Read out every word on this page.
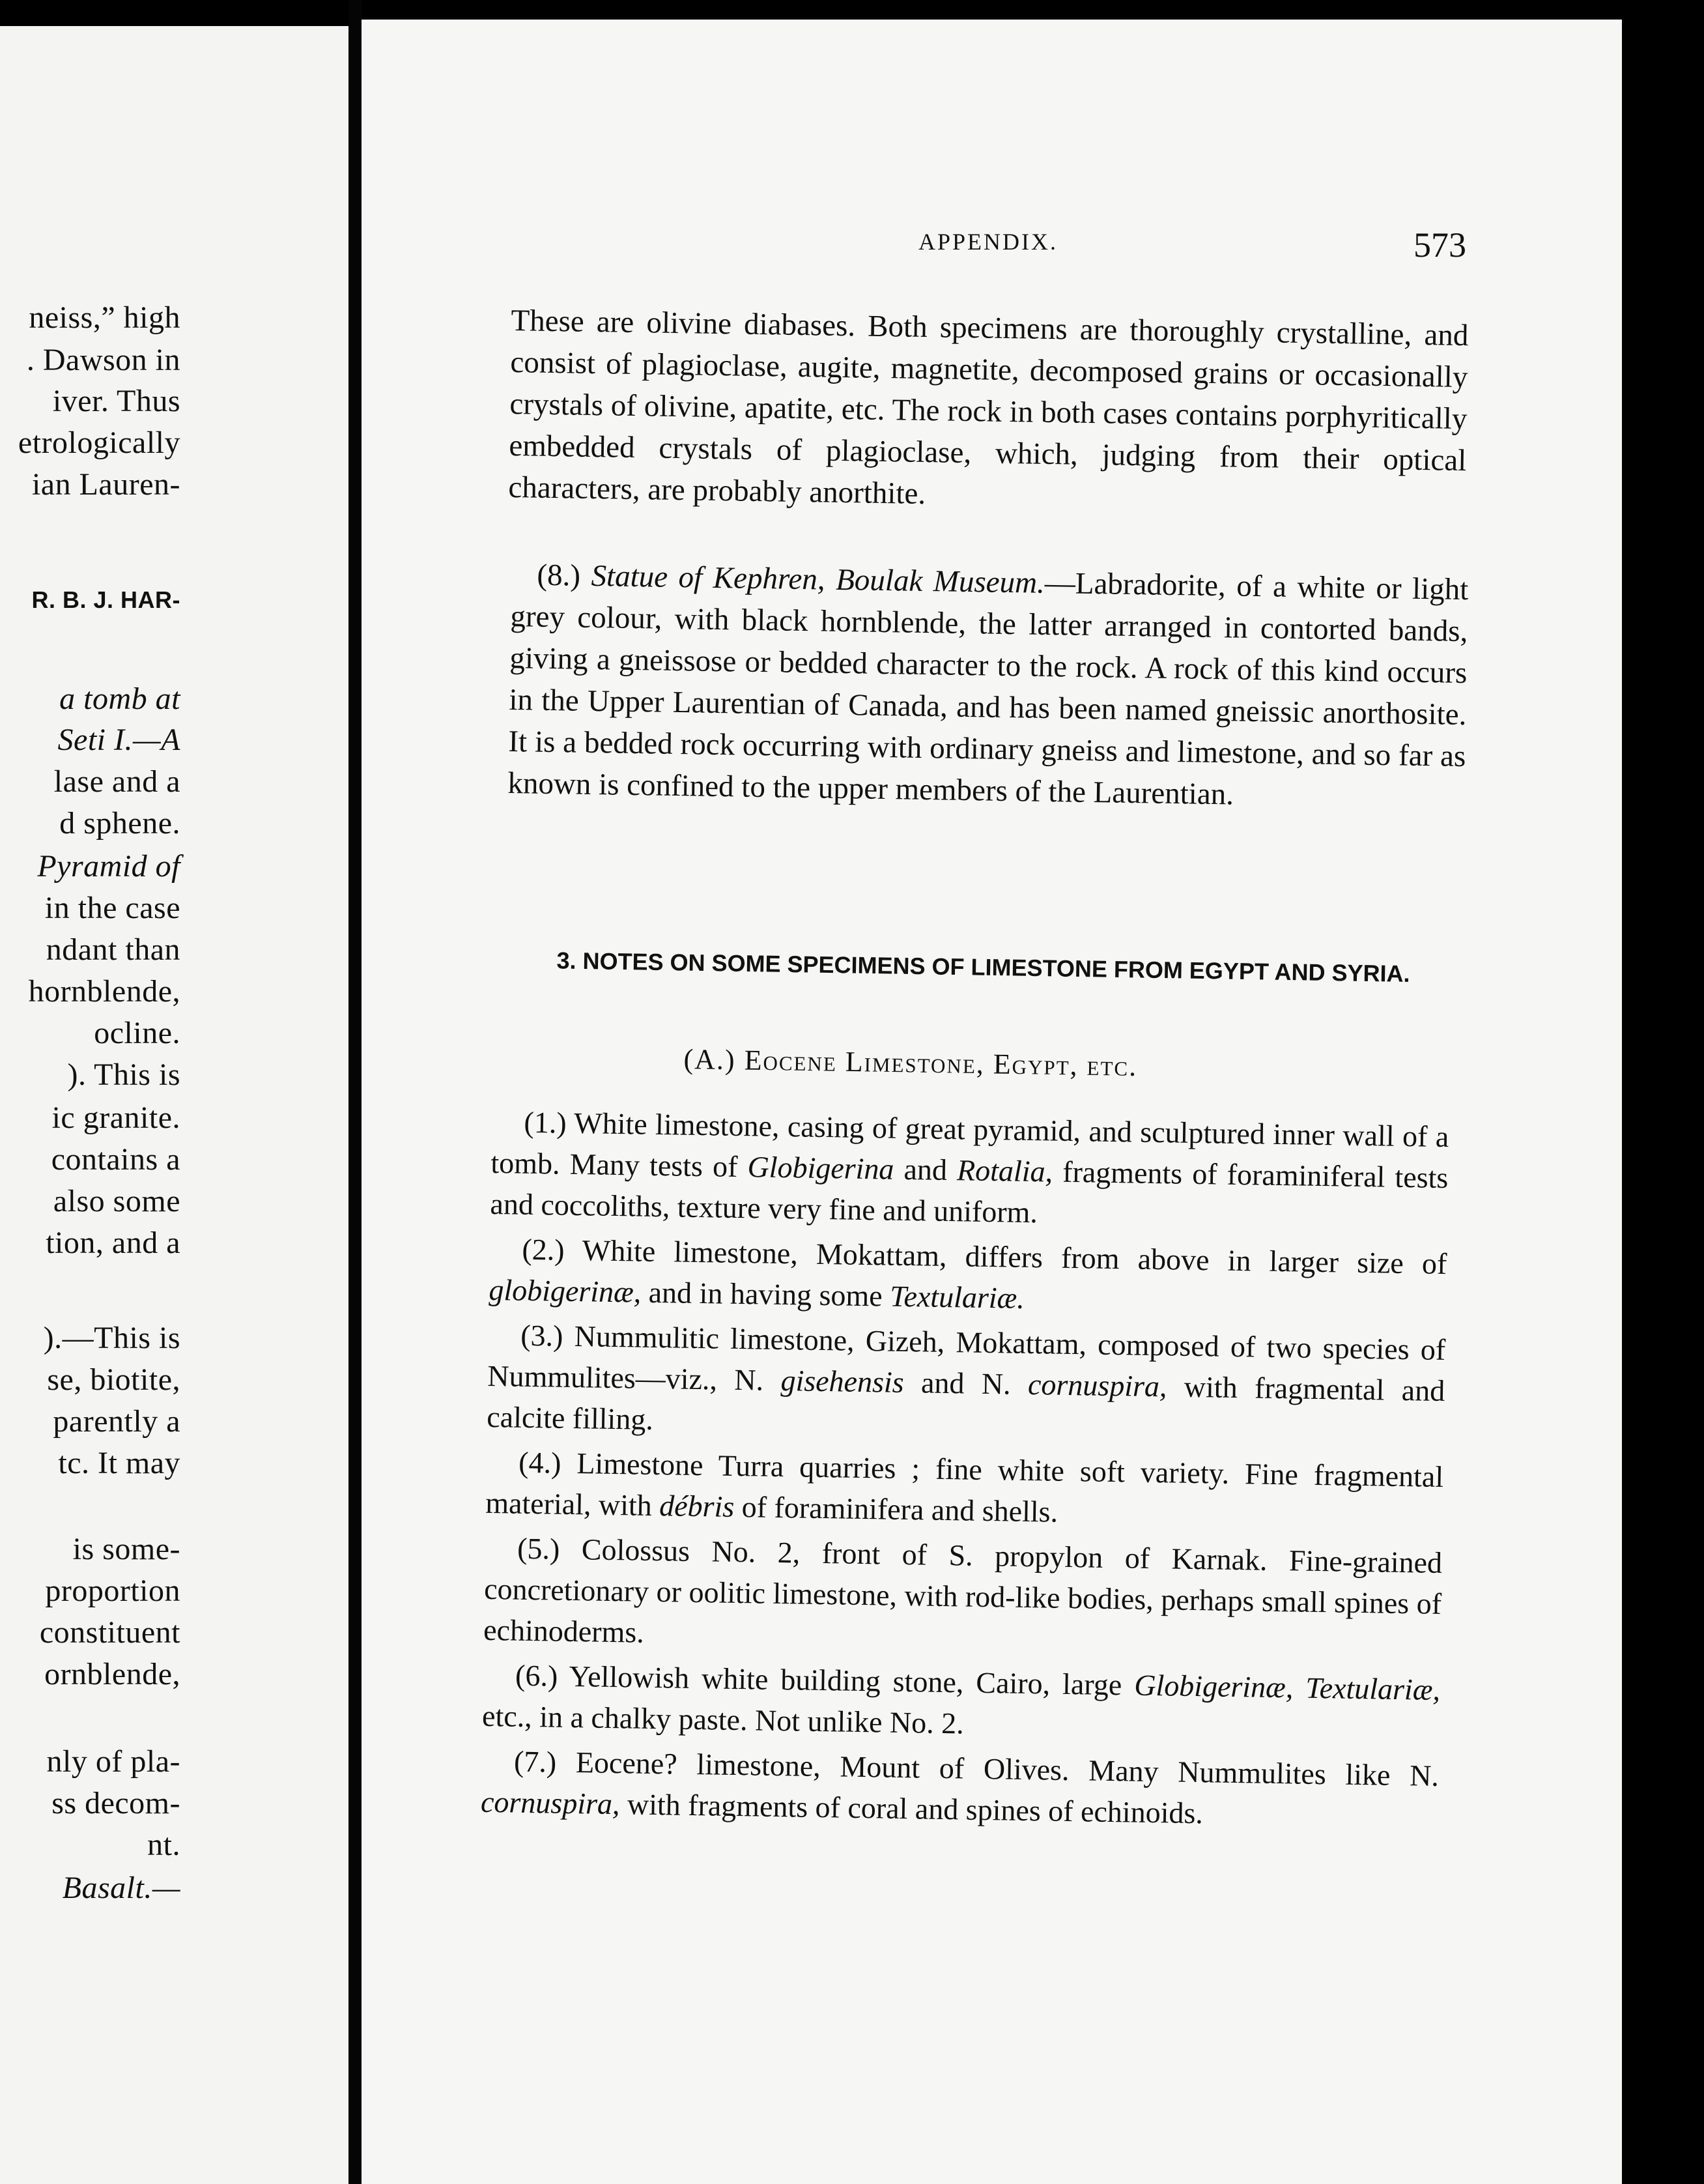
neiss,” high
. Dawson in
iver. Thus
etrologically
ian Lauren-
R. B. J. HAR-
a tomb at
Seti I.—A
lase and a
d sphene.
Pyramid of
in the case
ndant than
hornblende,
ocline.
). This is
ic granite.
contains a
also some
tion, and a
).—This is
se, biotite,
parently a
tc. It may
is some-
proportion
constituent
ornblende,
nly of pla-
ss decom-
nt.
Basalt.—
APPENDIX.	573
These are olivine diabases. Both specimens are thoroughly crystalline, and consist of plagioclase, augite, magnetite, decomposed grains or occasionally crystals of olivine, apatite, etc. The rock in both cases contains porphyritically embedded crystals of plagioclase, which, judging from their optical characters, are probably anorthite.
(8.) Statue of Kephren, Boulak Museum.—Labradorite, of a white or light grey colour, with black hornblende, the latter arranged in contorted bands, giving a gneissose or bedded character to the rock. A rock of this kind occurs in the Upper Laurentian of Canada, and has been named gneissic anorthosite. It is a bedded rock occurring with ordinary gneiss and limestone, and so far as known is confined to the upper members of the Laurentian.
3. NOTES ON SOME SPECIMENS OF LIMESTONE FROM EGYPT AND SYRIA.
(A.) Eocene Limestone, Egypt, etc.
(1.) White limestone, casing of great pyramid, and sculptured inner wall of a tomb. Many tests of Globigerina and Rotalia, fragments of foraminiferal tests and coccoliths, texture very fine and uniform.
(2.) White limestone, Mokattam, differs from above in larger size of globigerinæ, and in having some Textulariæ.
(3.) Nummulitic limestone, Gizeh, Mokattam, composed of two species of Nummulites—viz., N. gisehensis and N. cornuspira, with fragmental and calcite filling.
(4.) Limestone Turra quarries ; fine white soft variety. Fine fragmental material, with débris of foraminifera and shells.
(5.) Colossus No. 2, front of S. propylon of Karnak. Fine-grained concretionary or oolitic limestone, with rod-like bodies, perhaps small spines of echinoderms.
(6.) Yellowish white building stone, Cairo, large Globigerinæ, Textulariæ, etc., in a chalky paste. Not unlike No. 2.
(7.) Eocene? limestone, Mount of Olives. Many Nummulites like N. cornuspira, with fragments of coral and spines of echinoids.
